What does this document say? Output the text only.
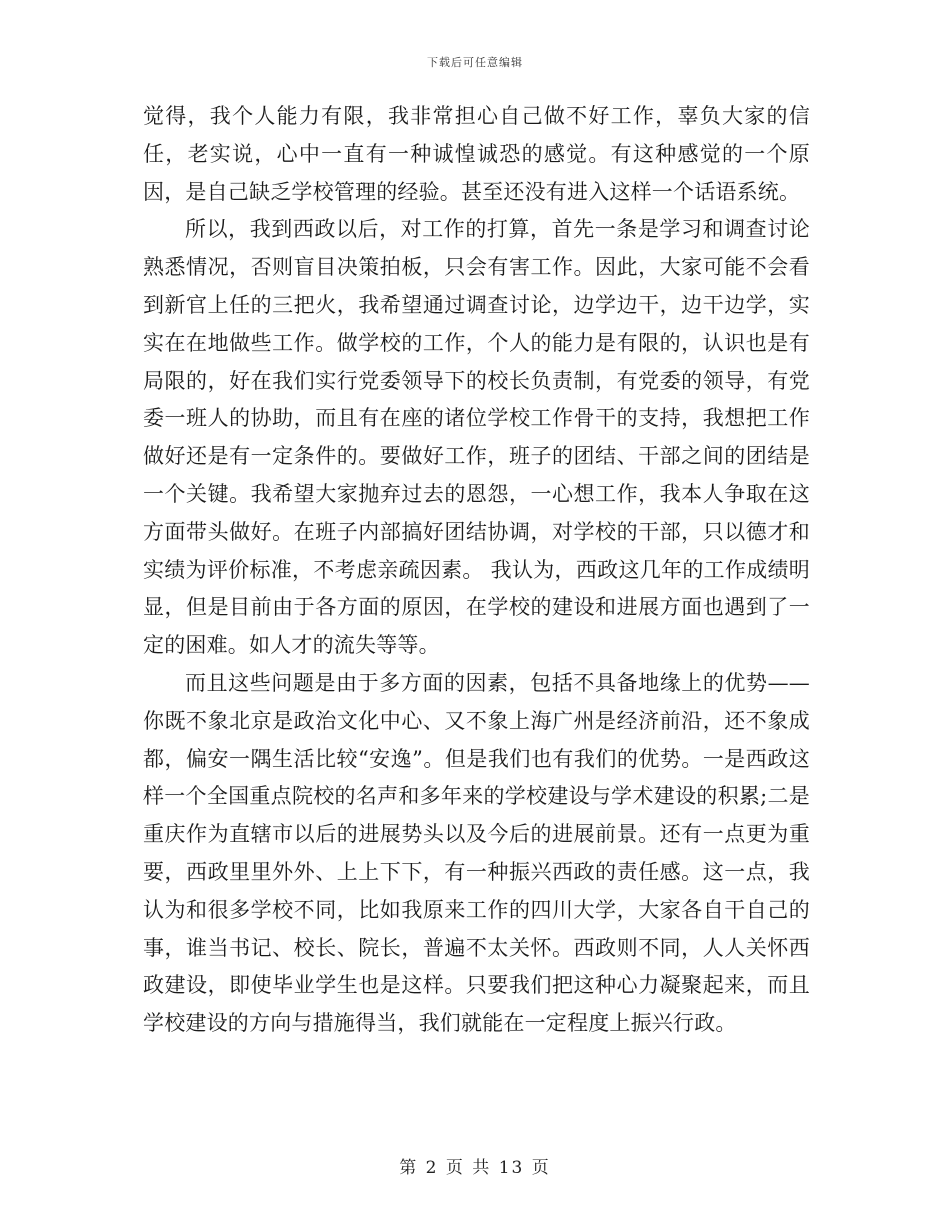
下载后可任意编辑

觉得，我个人能力有限，我非常担心自己做不好工作，辜负大家的信任，老实说，心中一直有一种诚惶诚恐的感觉。有这种感觉的一个原因，是自己缺乏学校管理的经验。甚至还没有进入这样一个话语系统。

所以，我到西政以后，对工作的打算，首先一条是学习和调查讨论熟悉情况，否则盲目决策拍板，只会有害工作。因此，大家可能不会看到新官上任的三把火，我希望通过调查讨论，边学边干，边干边学，实实在在地做些工作。做学校的工作，个人的能力是有限的，认识也是有局限的，好在我们实行党委领导下的校长负责制，有党委的领导，有党委一班人的协助，而且有在座的诸位学校工作骨干的支持，我想把工作做好还是有一定条件的。要做好工作，班子的团结、干部之间的团结是一个关键。我希望大家抛弃过去的恩怨，一心想工作，我本人争取在这方面带头做好。在班子内部搞好团结协调，对学校的干部，只以德才和实绩为评价标准，不考虑亲疏因素。 我认为，西政这几年的工作成绩明显，但是目前由于各方面的原因，在学校的建设和进展方面也遇到了一定的困难。如人才的流失等等。

而且这些问题是由于多方面的因素，包括不具备地缘上的优势——你既不象北京是政治文化中心、又不象上海广州是经济前沿，还不象成都，偏安一隅生活比较“安逸”。但是我们也有我们的优势。一是西政这样一个全国重点院校的名声和多年来的学校建设与学术建设的积累;二是重庆作为直辖市以后的进展势头以及今后的进展前景。还有一点更为重要，西政里里外外、上上下下，有一种振兴西政的责任感。这一点，我认为和很多学校不同，比如我原来工作的四川大学，大家各自干自己的事，谁当书记、校长、院长，普遍不太关怀。西政则不同，人人关怀西政建设，即使毕业学生也是这样。只要我们把这种心力凝聚起来，而且学校建设的方向与措施得当，我们就能在一定程度上振兴行政。

第 2 页 共 13 页
